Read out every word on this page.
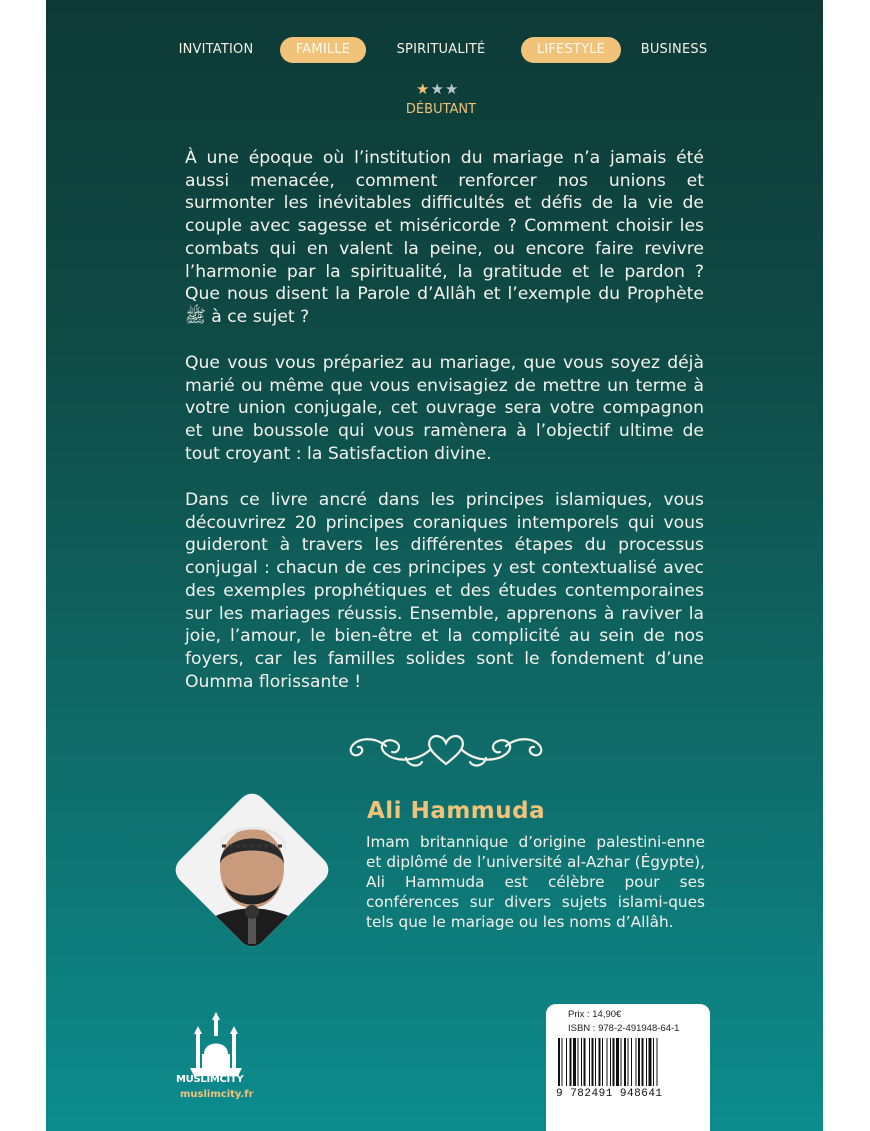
INVITATION	FAMILLE	SPIRITUALITÉ	LIFESTYLE	BUSINESS
★★★
DÉBUTANT

À une époque où l’institution du mariage n’a jamais été aussi menacée, comment renforcer nos unions et surmonter les inévitables difficultés et défis de la vie de couple avec sagesse et miséricorde ? Comment choisir les combats qui en valent la peine, ou encore faire revivre l’harmonie par la spiritualité, la gratitude et le pardon ? Que nous disent la Parole d’Allâh et l’exemple du Prophète ﷺ à ce sujet ?

Que vous vous prépariez au mariage, que vous soyez déjà marié ou même que vous envisagiez de mettre un terme à votre union conjugale, cet ouvrage sera votre compagnon et une boussole qui vous ramènera à l’objectif ultime de tout croyant : la Satisfaction divine.

Dans ce livre ancré dans les principes islamiques, vous découvrirez 20 principes coraniques intemporels qui vous guideront à travers les différentes étapes du processus conjugal : chacun de ces principes y est contextualisé avec des exemples prophétiques et des études contemporaines sur les mariages réussis. Ensemble, apprenons à raviver la joie, l’amour, le bien-être et la complicité au sein de nos foyers, car les familles solides sont le fondement d’une Oumma florissante !

Ali Hammuda
Imam britannique d’origine palestini-enne et diplômé de l’université al-Azhar (Égypte), Ali Hammuda est célèbre pour ses conférences sur divers sujets islami-ques tels que le mariage ou les noms d’Allâh.
MUSLIMCITY
muslimcity.fr
Prix : 14,90€
ISBN : 978-2-491948-64-1
9 782491 948641
